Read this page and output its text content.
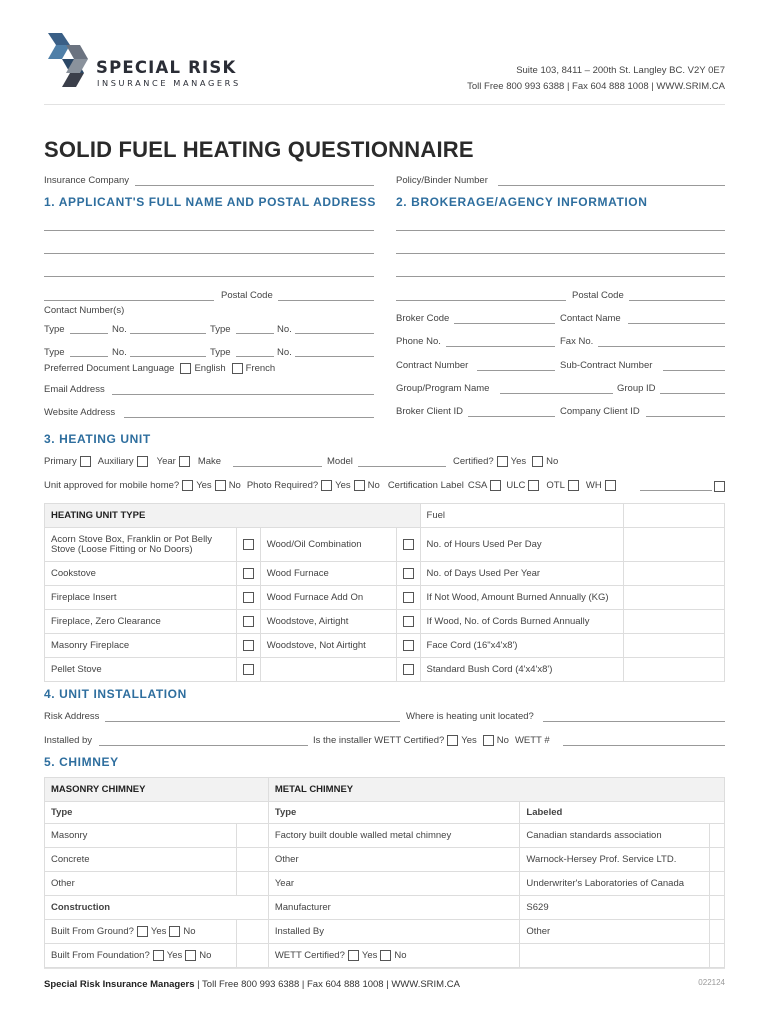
SPECIAL RISK
INSURANCE MANAGERS
Suite 103, 8411 – 200th St. Langley BC. V2Y 0E7
Toll Free 800 993 6388 | Fax 604 888 1008 | WWW.SRIM.CA
SOLID FUEL HEATING QUESTIONNAIRE
Insurance Company	Policy/Binder Number
1. APPLICANT'S FULL NAME AND POSTAL ADDRESS
Postal Code
Contact Number(s)
Type	No.	Type	No.
Type	No.	Type	No.
Preferred Document Language English French
Email Address
Website Address
2. BROKERAGE/AGENCY INFORMATION
Postal Code
Broker Code	Contact Name
Phone No.	Fax No.
Contract Number	Sub-Contract Number
Group/Program Name	Group ID
Broker Client ID	Company Client ID
3. HEATING UNIT
Primary Auxiliary Year Make	Model	Certified? Yes No
Unit approved for mobile home? Yes No Photo Required? Yes No Certification Label CSA ULC OTL WH
HEATING UNIT TYPE				Fuel	
Acorn Stove Box, Franklin or Pot Belly Stove (Loose Fitting or No Doors)		Wood/Oil Combination		No. of Hours Used Per Day	
Cookstove		Wood Furnace		No. of Days Used Per Year	
Fireplace Insert		Wood Furnace Add On		If Not Wood, Amount Burned Annually (KG)	
Fireplace, Zero Clearance		Woodstove, Airtight		If Wood, No. of Cords Burned Annually	
Masonry Fireplace		Woodstove, Not Airtight		Face Cord (16"x4'x8')	
Pellet Stove				Standard Bush Cord (4'x4'x8')	
4. UNIT INSTALLATION
Risk Address	Where is heating unit located?
Installed by	Is the installer WETT Certified? Yes No WETT #
5. CHIMNEY
MASONRY CHIMNEY		METAL CHIMNEY		
Type		Type	Labeled	
Masonry		Factory built double walled metal chimney	Canadian standards association	
Concrete		Other	Warnock-Hersey Prof. Service LTD.	
Other		Year	Underwriter's Laboratories of Canada	
Construction		Manufacturer	S629	

Built From Ground? Yes No		Installed By	Other	

Built From Foundation? Yes No		WETT Certified? Yes No		

Special Risk Insurance Managers | Toll Free 800 993 6388 | Fax 604 888 1008 | WWW.SRIM.CA	022124
